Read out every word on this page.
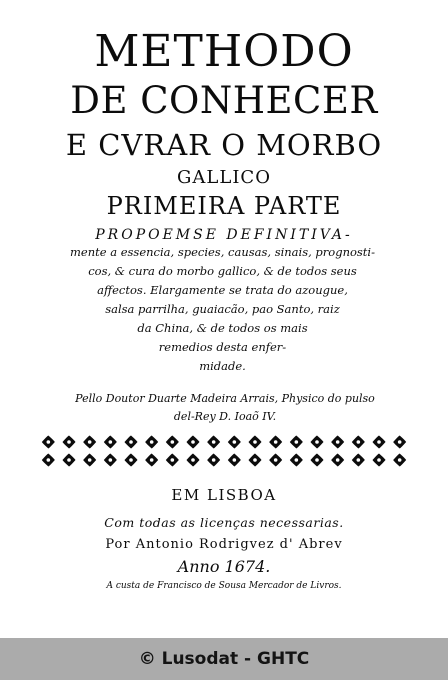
METHODO
DE CONHECER
E CVRAR O MORBO
GALLICO
PRIMEIRA PARTE
PROPOEMSE DEFINITIVA-
mente a essencia, species, causas, sinais, prognosti-
cos, & cura do morbo gallico, & de todos seus
affectos. Elargamente se trata do azougue,
salsa parrilha, guaiacão, pao Santo, raiz
da China, & de todos os mais
remedios desta enfer-
midade.
Pello Doutor Duarte Madeira Arrais, Physico do pulso
del-Rey D. Ioaõ IV.
EM LISBOA
Com todas as licenças necessarias.
Por Antonio Rodrigvez d' Abrev
Anno 1674.
A custa de Francisco de Sousa Mercador de Livros.
© Lusodat - GHTC
